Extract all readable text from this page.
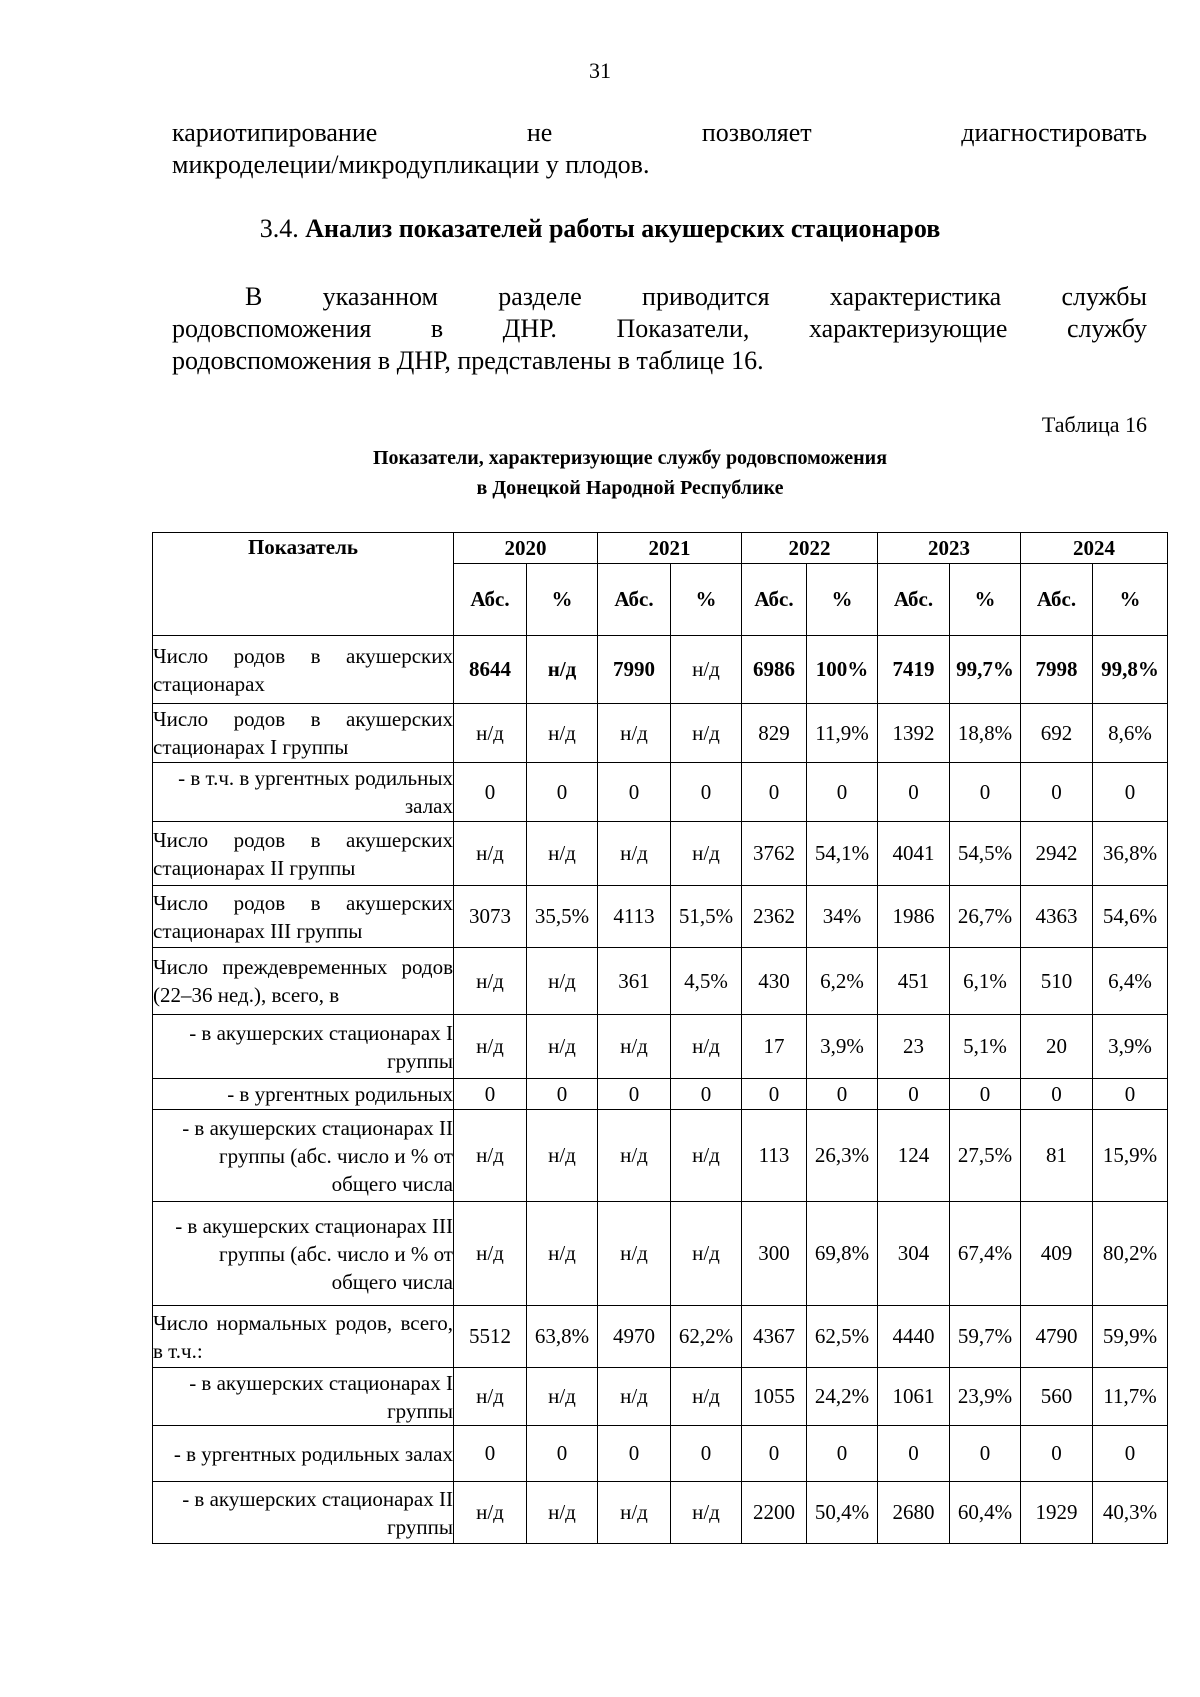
31
кариотипирование	не	позволяет	диагностировать
микроделеции/микродупликации у плодов.
3.4. Анализ показателей работы акушерских стационаров
В указанном разделе приводится характеристика службы
родовспоможения в ДНР. Показатели, характеризующие службу
родовспоможения в ДНР, представлены в таблице 16.
Таблица 16
Показатели, характеризующие службу родовспоможения
в Донецкой Народной Республике
Показатель	2020		2021		2022		2023		2024	
	Абс.	%	Абс.	%	Абс.	%	Абс.	%	Абс.	%

Число родов в акушерских стационарах	8644	н/д	7990	н/д	6986	100%	7419	99,7%	7998	99,8%

Число родов в акушерских стационарах I группы	н/д	н/д	н/д	н/д	829	11,9%	1392	18,8%	692	8,6%

- в т.ч. в ургентных родильных залах	0	0	0	0	0	0	0	0	0	0

Число родов в акушерских стационарах II группы	н/д	н/д	н/д	н/д	3762	54,1%	4041	54,5%	2942	36,8%

Число родов в акушерских стационарах III группы	3073	35,5%	4113	51,5%	2362	34%	1986	26,7%	4363	54,6%

Число преждевременных родов (22–36 нед.), всего, в	н/д	н/д	361	4,5%	430	6,2%	451	6,1%	510	6,4%

- в акушерских стационарах I группы	н/д	н/д	н/д	н/д	17	3,9%	23	5,1%	20	3,9%

- в ургентных родильных	0	0	0	0	0	0	0	0	0	0

- в акушерских стационарах II группы (абс. число и % от общего числа	н/д	н/д	н/д	н/д	113	26,3%	124	27,5%	81	15,9%

- в акушерских стационарах III группы (абс. число и % от общего числа	н/д	н/д	н/д	н/д	300	69,8%	304	67,4%	409	80,2%

Число нормальных родов, всего, в т.ч.:	5512	63,8%	4970	62,2%	4367	62,5%	4440	59,7%	4790	59,9%

- в акушерских стационарах I группы	н/д	н/д	н/д	н/д	1055	24,2%	1061	23,9%	560	11,7%

- в ургентных родильных залах	0	0	0	0	0	0	0	0	0	0

- в акушерских стационарах II группы	н/д	н/д	н/д	н/д	2200	50,4%	2680	60,4%	1929	40,3%
